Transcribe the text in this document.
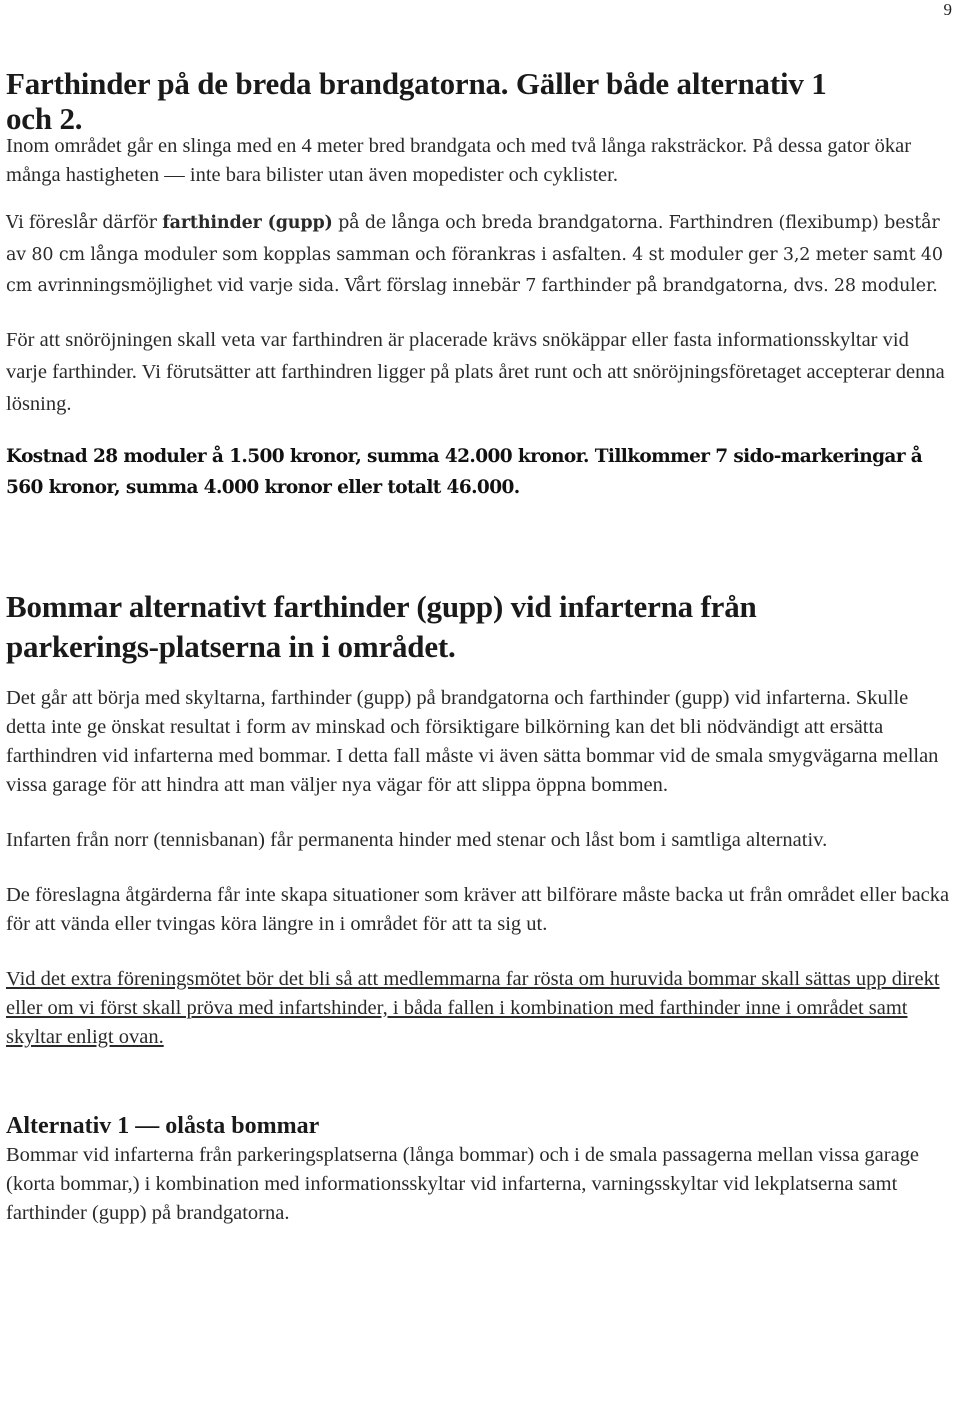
9
Farthinder på de breda brandgatorna. Gäller både alternativ 1
och 2.

Inom området går en slinga med en 4 meter bred brandgata och med två långa raksträckor. På dessa gator ökar många hastigheten — inte bara bilister utan även mopedister och cyklister.

Vi föreslår därför farthinder (gupp) på de långa och breda brandgatorna. Farthindren (flexibump) består av 80 cm långa moduler som kopplas samman och förankras i asfalten. 4 st moduler ger 3,2 meter samt 40 cm avrinningsmöjlighet vid varje sida. Vårt förslag innebär 7 farthinder på brandgatorna, dvs. 28 moduler.

För att snöröjningen skall veta var farthindren är placerade krävs snökäppar eller fasta informationsskyltar vid varje farthinder. Vi förutsätter att farthindren ligger på plats året runt och att snöröjningsföretaget accepterar denna lösning.

Kostnad 28 moduler å 1.500 kronor, summa 42.000 kronor. Tillkommer 7 sido-markeringar å 560 kronor, summa 4.000 kronor eller totalt 46.000.

Bommar alternativt farthinder (gupp) vid infarterna från
parkerings-platserna in i området.

Det går att börja med skyltarna, farthinder (gupp) på brandgatorna och farthinder (gupp) vid infarterna. Skulle detta inte ge önskat resultat i form av minskad och försiktigare bilkörning kan det bli nödvändigt att ersätta farthindren vid infarterna med bommar. I detta fall måste vi även sätta bommar vid de smala smygvägarna mellan vissa garage för att hindra att man väljer nya vägar för att slippa öppna bommen.

Infarten från norr (tennisbanan) får permanenta hinder med stenar och låst bom i samtliga alternativ.

De föreslagna åtgärderna får inte skapa situationer som kräver att bilförare måste backa ut från området eller backa för att vända eller tvingas köra längre in i området för att ta sig ut.

Vid det extra föreningsmötet bör det bli så att medlemmarna far rösta om huruvida bommar skall sättas upp direkt eller om vi först skall pröva med infartshinder, i båda fallen i kombination med farthinder inne i området samt skyltar enligt ovan.

Alternativ 1 — olåsta bommar

Bommar vid infarterna från parkeringsplatserna (långa bommar) och i de smala passagerna mellan vissa garage (korta bommar,) i kombination med informationsskyltar vid infarterna, varningsskyltar vid lekplatserna samt farthinder (gupp) på brandgatorna.
